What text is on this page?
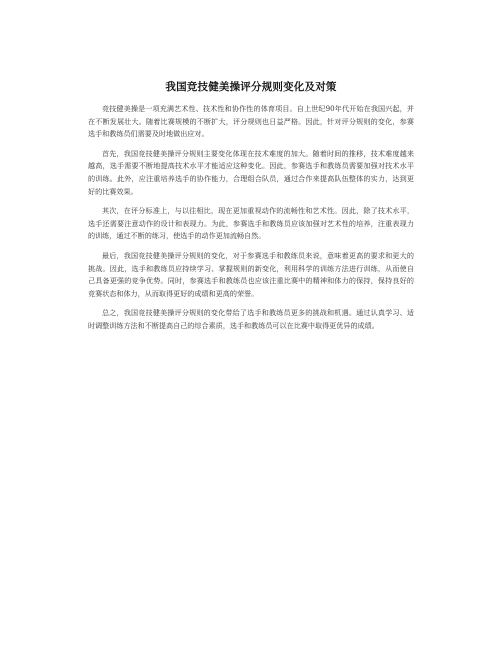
我国竞技健美操评分规则变化及对策

竞技健美操是一项充满艺术性、技术性和协作性的体育项目。自上世纪90年代开始在我国兴起，并在不断发展壮大。随着比赛规模的不断扩大，评分规则也日益严格。因此，针对评分规则的变化，参赛选手和教练员们需要及时地做出应对。

首先，我国竞技健美操评分规则主要变化体现在技术难度的加大。随着时间的推移，技术难度越来越高，选手需要不断地提高技术水平才能适应这种变化。因此，参赛选手和教练员需要加强对技术水平的训练。此外，应注重培养选手的协作能力，合理组合队员，通过合作来提高队伍整体的实力，达到更好的比赛效果。

其次，在评分标准上，与以往相比，现在更加重视动作的流畅性和艺术性。因此，除了技术水平，选手还需要注意动作的设计和表现力。为此，参赛选手和教练员应该加强对艺术性的培养，注重表现力的训练，通过不断的练习，使选手的动作更加流畅自然。

最后，我国竞技健美操评分规则的变化，对于参赛选手和教练员来说，意味着更高的要求和更大的挑战。因此，选手和教练员应持续学习、掌握规则的新变化，利用科学的训练方法进行训练，从而使自己具备更强的竞争优势。同时，参赛选手和教练员也应该注重比赛中的精神和体力的保持，保持良好的竞赛状态和体力，从而取得更好的成绩和更高的荣誉。

总之，我国竞技健美操评分规则的变化带给了选手和教练员更多的挑战和机遇。通过认真学习、适时调整训练方法和不断提高自己的综合素质，选手和教练员可以在比赛中取得更优异的成绩。
